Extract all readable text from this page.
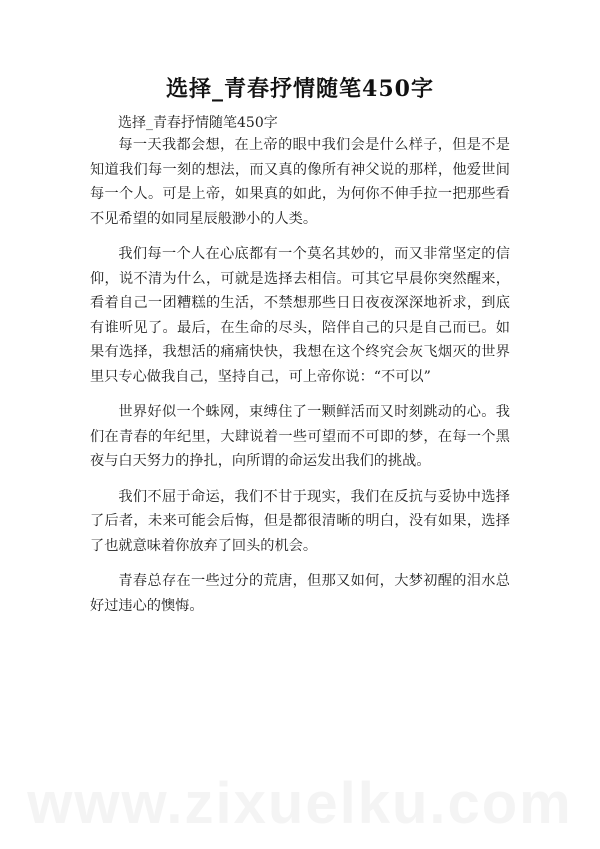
选择_青春抒情随笔450字
选择_青春抒情随笔450字

每一天我都会想，在上帝的眼中我们会是什么样子，但是不是知道我们每一刻的想法，而又真的像所有神父说的那样，他爱世间每一个人。可是上帝，如果真的如此，为何你不伸手拉一把那些看不见希望的如同星辰般渺小的人类。

我们每一个人在心底都有一个莫名其妙的，而又非常坚定的信仰，说不清为什么，可就是选择去相信。可其它早晨你突然醒来，看着自己一团糟糕的生活，不禁想那些日日夜夜深深地祈求，到底有谁听见了。最后，在生命的尽头，陪伴自己的只是自己而已。如果有选择，我想活的痛痛快快，我想在这个终究会灰飞烟灭的世界里只专心做我自己，坚持自己，可上帝你说：“不可以”

世界好似一个蛛网，束缚住了一颗鲜活而又时刻跳动的心。我们在青春的年纪里，大肆说着一些可望而不可即的梦，在每一个黑夜与白天努力的挣扎，向所谓的命运发出我们的挑战。

我们不屈于命运，我们不甘于现实，我们在反抗与妥协中选择了后者，未来可能会后悔，但是都很清晰的明白，没有如果，选择了也就意味着你放弃了回头的机会。

青春总存在一些过分的荒唐，但那又如何，大梦初醒的泪水总好过违心的懊悔。

www.zixuelku.com
